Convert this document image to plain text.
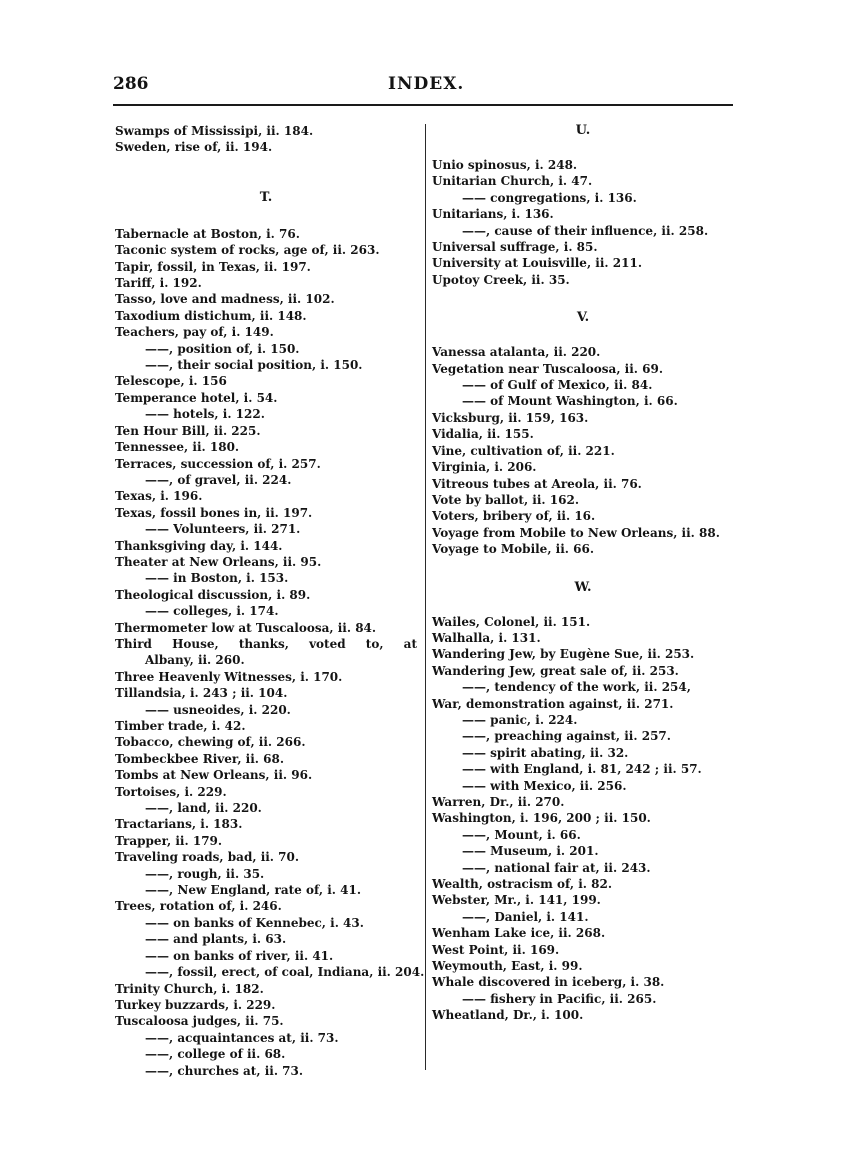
286	INDEX.
Swamps of Mississipi, ii. 184.
Sweden, rise of, ii. 194.
T.
Tabernacle at Boston, i. 76.
Taconic system of rocks, age of, ii. 263.
Tapir, fossil, in Texas, ii. 197.
Tariff, i. 192.
Tasso, love and madness, ii. 102.
Taxodium distichum, ii. 148.
Teachers, pay of, i. 149.
——, position of, i. 150.
——, their social position, i. 150.
Telescope, i. 156
Temperance hotel, i. 54.
—— hotels, i. 122.
Ten Hour Bill, ii. 225.
Tennessee, ii. 180.
Terraces, succession of, i. 257.
——, of gravel, ii. 224.
Texas, i. 196.
Texas, fossil bones in, ii. 197.
—— Volunteers, ii. 271.
Thanksgiving day, i. 144.
Theater at New Orleans, ii. 95.
—— in Boston, i. 153.
Theological discussion, i. 89.
—— colleges, i. 174.
Thermometer low at Tuscaloosa, ii. 84.
Third House, thanks, voted to, at
Albany, ii. 260.
Three Heavenly Witnesses, i. 170.
Tillandsia, i. 243 ; ii. 104.
—— usneoides, i. 220.
Timber trade, i. 42.
Tobacco, chewing of, ii. 266.
Tombeckbee River, ii. 68.
Tombs at New Orleans, ii. 96.
Tortoises, i. 229.
——, land, ii. 220.
Tractarians, i. 183.
Trapper, ii. 179.
Traveling roads, bad, ii. 70.
——, rough, ii. 35.
——, New England, rate of, i. 41.
Trees, rotation of, i. 246.
—— on banks of Kennebec, i. 43.
—— and plants, i. 63.
—— on banks of river, ii. 41.
——, fossil, erect, of coal, Indiana, ii. 204.
Trinity Church, i. 182.
Turkey buzzards, i. 229.
Tuscaloosa judges, ii. 75.
——, acquaintances at, ii. 73.
——, college of ii. 68.
——, churches at, ii. 73.
U.
Unio spinosus, i. 248.
Unitarian Church, i. 47.
—— congregations, i. 136.
Unitarians, i. 136.
——, cause of their influence, ii. 258.
Universal suffrage, i. 85.
University at Louisville, ii. 211.
Upotoy Creek, ii. 35.
V.
Vanessa atalanta, ii. 220.
Vegetation near Tuscaloosa, ii. 69.
—— of Gulf of Mexico, ii. 84.
—— of Mount Washington, i. 66.
Vicksburg, ii. 159, 163.
Vidalia, ii. 155.
Vine, cultivation of, ii. 221.
Virginia, i. 206.
Vitreous tubes at Areola, ii. 76.
Vote by ballot, ii. 162.
Voters, bribery of, ii. 16.
Voyage from Mobile to New Orleans, ii. 88.
Voyage to Mobile, ii. 66.
W.
Wailes, Colonel, ii. 151.
Walhalla, i. 131.
Wandering Jew, by Eugène Sue, ii. 253.
Wandering Jew, great sale of, ii. 253.
——, tendency of the work, ii. 254,
War, demonstration against, ii. 271.
—— panic, i. 224.
——, preaching against, ii. 257.
—— spirit abating, ii. 32.
—— with England, i. 81, 242 ; ii. 57.
—— with Mexico, ii. 256.
Warren, Dr., ii. 270.
Washington, i. 196, 200 ; ii. 150.
——, Mount, i. 66.
—— Museum, i. 201.
——, national fair at, ii. 243.
Wealth, ostracism of, i. 82.
Webster, Mr., i. 141, 199.
——, Daniel, i. 141.
Wenham Lake ice, ii. 268.
West Point, ii. 169.
Weymouth, East, i. 99.
Whale discovered in iceberg, i. 38.
—— fishery in Pacific, ii. 265.
Wheatland, Dr., i. 100.
